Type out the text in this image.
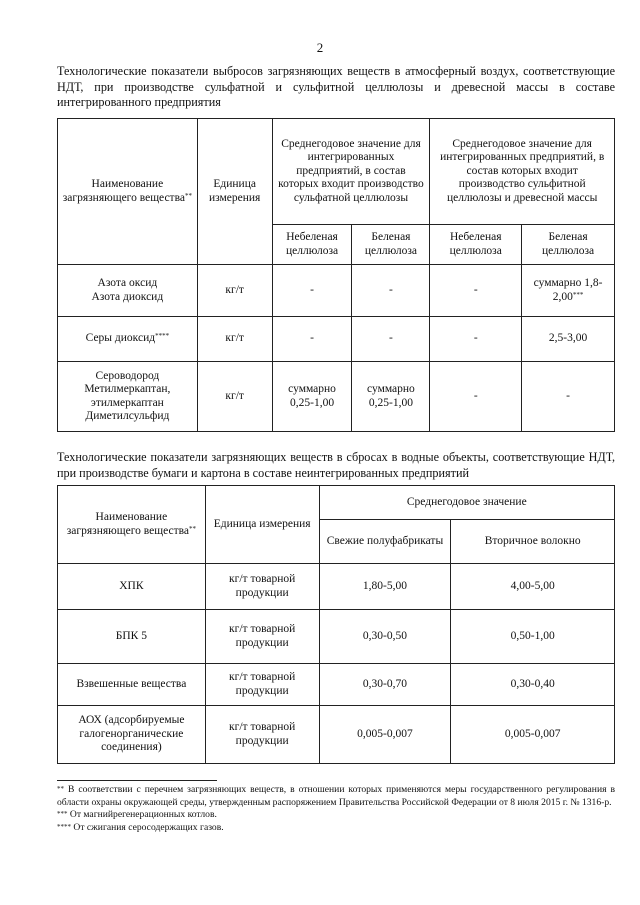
2
Технологические показатели выбросов загрязняющих веществ в атмосферный воздух, соответствующие НДТ, при производстве сульфатной и сульфитной целлюлозы и древесной массы в составе интегрированного предприятия
Наименование загрязняющего вещества**	Единица измерения	Среднегодовое значение для интегрированных предприятий, в состав которых входит производство сульфатной целлюлозы		Среднегодовое значение для интегрированных предприятий, в состав которых входит производство сульфитной целлюлозы и древесной массы	
		Небеленая целлюлоза	Беленая целлюлоза	Небеленая целлюлоза	Беленая целлюлоза
Азота оксид
Азота диоксид	кг/т	-	-	-	суммарно 1,8-2,00***
Серы диоксид****	кг/т	-	-	-	2,5-3,00
Сероводород
Метилмеркаптан,
этилмеркаптан
Диметилсульфид	кг/т	суммарно 0,25-1,00	суммарно 0,25-1,00	-	-
Технологические показатели загрязняющих веществ в сбросах в водные объекты, соответствующие НДТ, при производстве бумаги и картона в составе неинтегрированных предприятий
Наименование загрязняющего вещества**	Единица измерения	Среднегодовое значение	
		Свежие полуфабрикаты	Вторичное волокно
ХПК	кг/т товарной продукции	1,80-5,00	4,00-5,00
БПК 5	кг/т товарной продукции	0,30-0,50	0,50-1,00
Взвешенные вещества	кг/т товарной продукции	0,30-0,70	0,30-0,40
АОХ (адсорбируемые галогенорганические соединения)	кг/т товарной продукции	0,005-0,007	0,005-0,007

** В соответствии с перечнем загрязняющих веществ, в отношении которых применяются меры государственного регулирования в области охраны окружающей среды, утвержденным распоряжением Правительства Российской Федерации от 8 июля 2015 г. № 1316-р.

*** От магнийрегенерационных котлов.

**** От сжигания серосодержащих газов.
